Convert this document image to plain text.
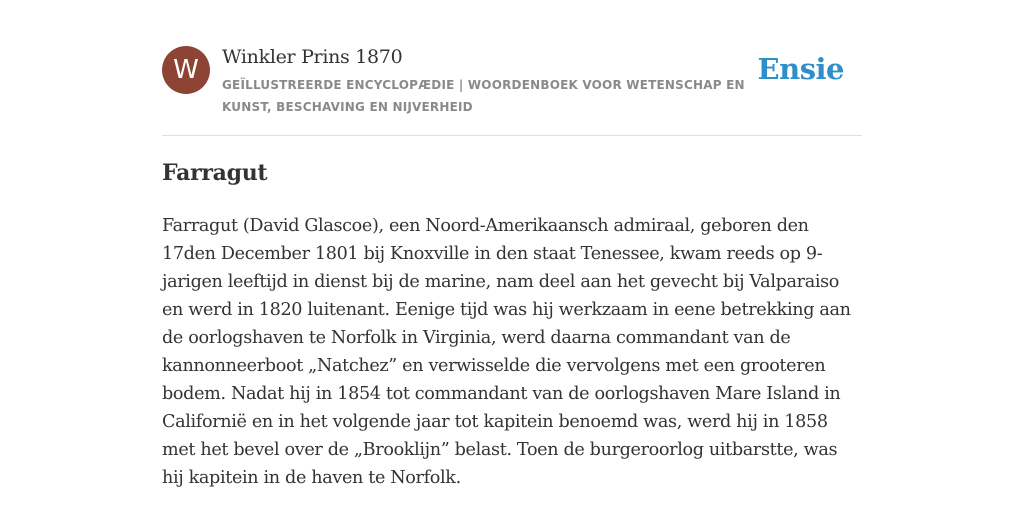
W	Winkler Prins 1870
GEÏLLUSTREERDE ENCYCLOPÆDIE | WOORDENBOEK VOOR WETENSCHAP EN KUNST, BESCHAVING EN NIJVERHEID
Ensie
Farragut

Farragut (David Glascoe), een Noord-Amerikaansch admiraal, geboren den 17den December 1801 bij Knoxville in den staat Tenessee, kwam reeds op 9-jarigen leeftijd in dienst bij de marine, nam deel aan het gevecht bij Valparaiso en werd in 1820 luitenant. Eenige tijd was hij werkzaam in eene betrekking aan de oorlogshaven te Norfolk in Virginia, werd daarna commandant van de kannonneerboot „Natchez” en verwisselde die vervolgens met een grooteren bodem. Nadat hij in 1854 tot commandant van de oorlogshaven Mare Island in Californië en in het volgende jaar tot kapitein benoemd was, werd hij in 1858 met het bevel over de „Brooklijn” belast. Toen de burgeroorlog uitbarstte, was hij kapitein in de haven te Norfolk.
